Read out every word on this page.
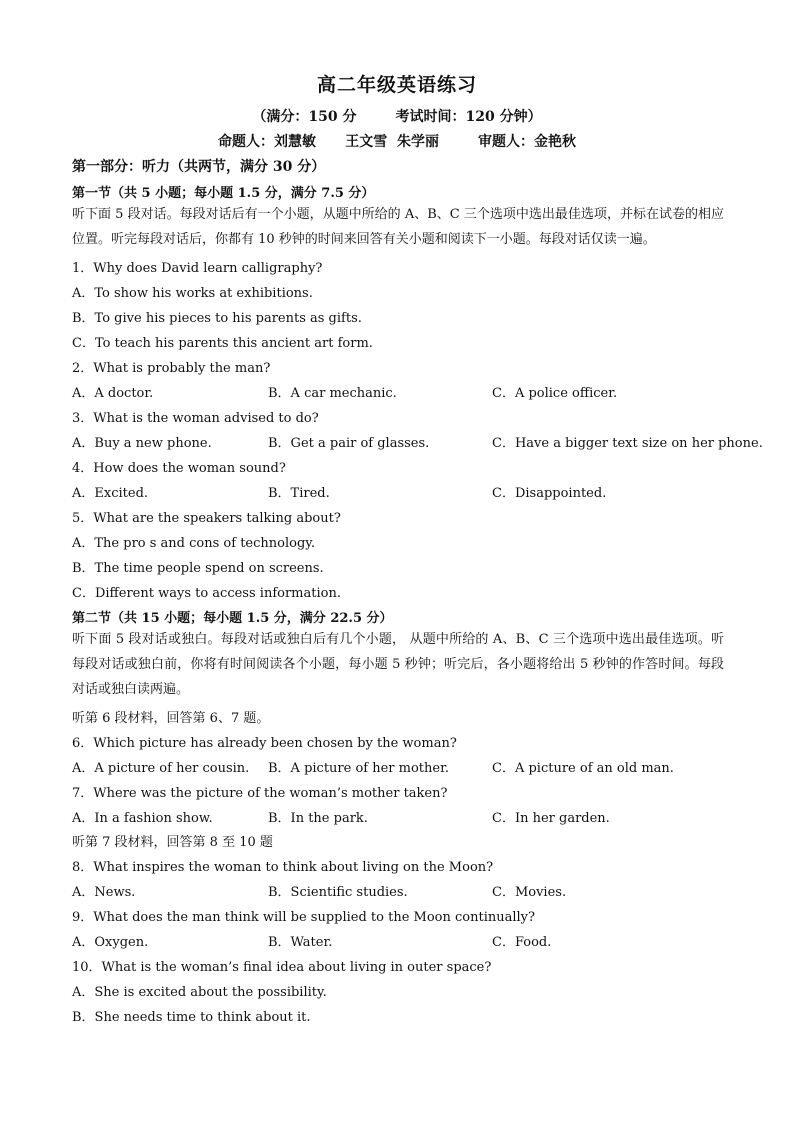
高二年级英语练习
（满分：150 分        考试时间：120 分钟）
命题人：刘慧敏      王文雪  朱学丽        审题人：金艳秋
第一部分：听力（共两节，满分 30 分）
第一节（共 5 小题；每小题 1.5 分，满分 7.5 分）
听下面 5 段对话。每段对话后有一个小题，从题中所给的 A、B、C 三个选项中选出最佳选项，并标在试卷的相应位置。听完每段对话后，你都有 10 秒钟的时间来回答有关小题和阅读下一小题。每段对话仅读一遍。
1．Why does David learn calligraphy?
A．To show his works at exhibitions.
B．To give his pieces to his parents as gifts.
C．To teach his parents this ancient art form.
2．What is probably the man?
A．A doctor.	B．A car mechanic.	C．A police officer.
3．What is the woman advised to do?
A．Buy a new phone.	B．Get a pair of glasses.	C．Have a bigger text size on her phone.
4．How does the woman sound?
A．Excited.	B．Tired.	C．Disappointed.
5．What are the speakers talking about?
A．The pro s and cons of technology.
B．The time people spend on screens.
C．Different ways to access information.
第二节（共 15 小题；每小题 1.5 分，满分 22.5 分）
听下面 5 段对话或独白。每段对话或独白后有几个小题， 从题中所给的 A、B、C 三个选项中选出最佳选项。听每段对话或独白前，你将有时间阅读各个小题，每小题 5 秒钟；听完后，各小题将给出 5 秒钟的作答时间。每段对话或独白读两遍。
听第 6 段材料，回答第 6、7 题。
6．Which picture has already been chosen by the woman?
A．A picture of her cousin. B．A picture of her mother.	C．A picture of an old man.
7．Where was the picture of the woman’s mother taken?
A．In a fashion show.	B．In the park.	C．In her garden.
听第 7 段材料，回答第 8 至 10 题
8．What inspires the woman to think about living on the Moon?
A．News.	B．Scientific studies.	C．Movies.
9．What does the man think will be supplied to the Moon continually?
A．Oxygen.	B．Water.	C．Food.
10．What is the woman’s final idea about living in outer space?
A．She is excited about the possibility.
B．She needs time to think about it.
